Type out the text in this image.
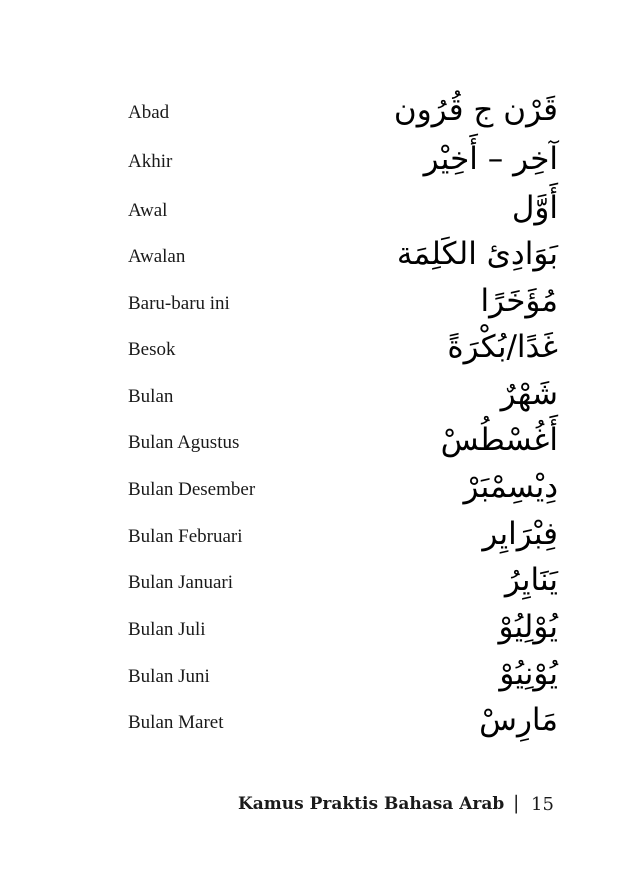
Abad	قَرْن ج قُرُون
Akhir	آخِر – أَخِيْر
Awal	أَوَّل
Awalan	بَوَادِئ الكَلِمَة
Baru-baru ini	مُؤَخَرًا
Besok	غَدًا/بُكْرَةً
Bulan	شَهْرٌ
Bulan Agustus	أَغُسْطُسْ
Bulan Desember	دِيْسِمْبَرْ
Bulan Februari	فِبْرَايِر
Bulan Januari	يَنَايِرُ
Bulan Juli	يُوْلِيُوْ
Bulan Juni	يُوْنِيُوْ
Bulan Maret	مَارِسْ
Kamus Praktis Bahasa Arab | 15
